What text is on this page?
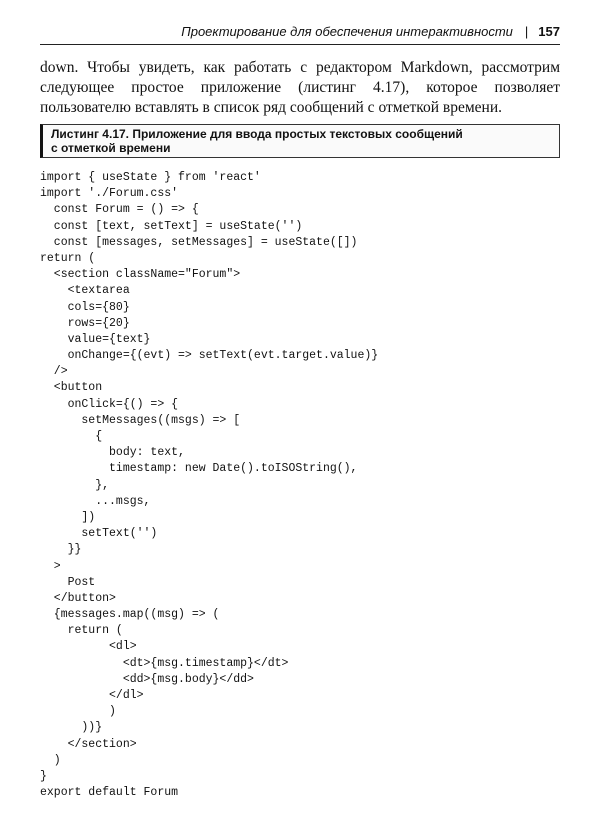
Проектирование для обеспечения интерактивности | 157
down. Чтобы увидеть, как работать с редактором Markdown, рассмотрим следующее простое приложение (листинг 4.17), которое позволяет пользователю вставлять в список ряд сообщений с отметкой времени.
Листинг 4.17. Приложение для ввода простых текстовых сообщений
с отметкой времени
import { useState } from 'react'
import './Forum.css'
const Forum = () => {
const [text, setText] = useState('')
const [messages, setMessages] = useState([])
return (
<section className="Forum">
<textarea
cols={80}
rows={20}
value={text}
onChange={(evt) => setText(evt.target.value)}
/>
<button
onClick={() => {
setMessages((msgs) => [
{
body: text,
timestamp: new Date().toISOString(),
},
...msgs,
])
setText('')
}}
>
Post
</button>
{messages.map((msg) => (
return (
<dl>
<dt>{msg.timestamp}</dt>
<dd>{msg.body}</dd>
</dl>
)
))}
</section>
)
}
export default Forum
